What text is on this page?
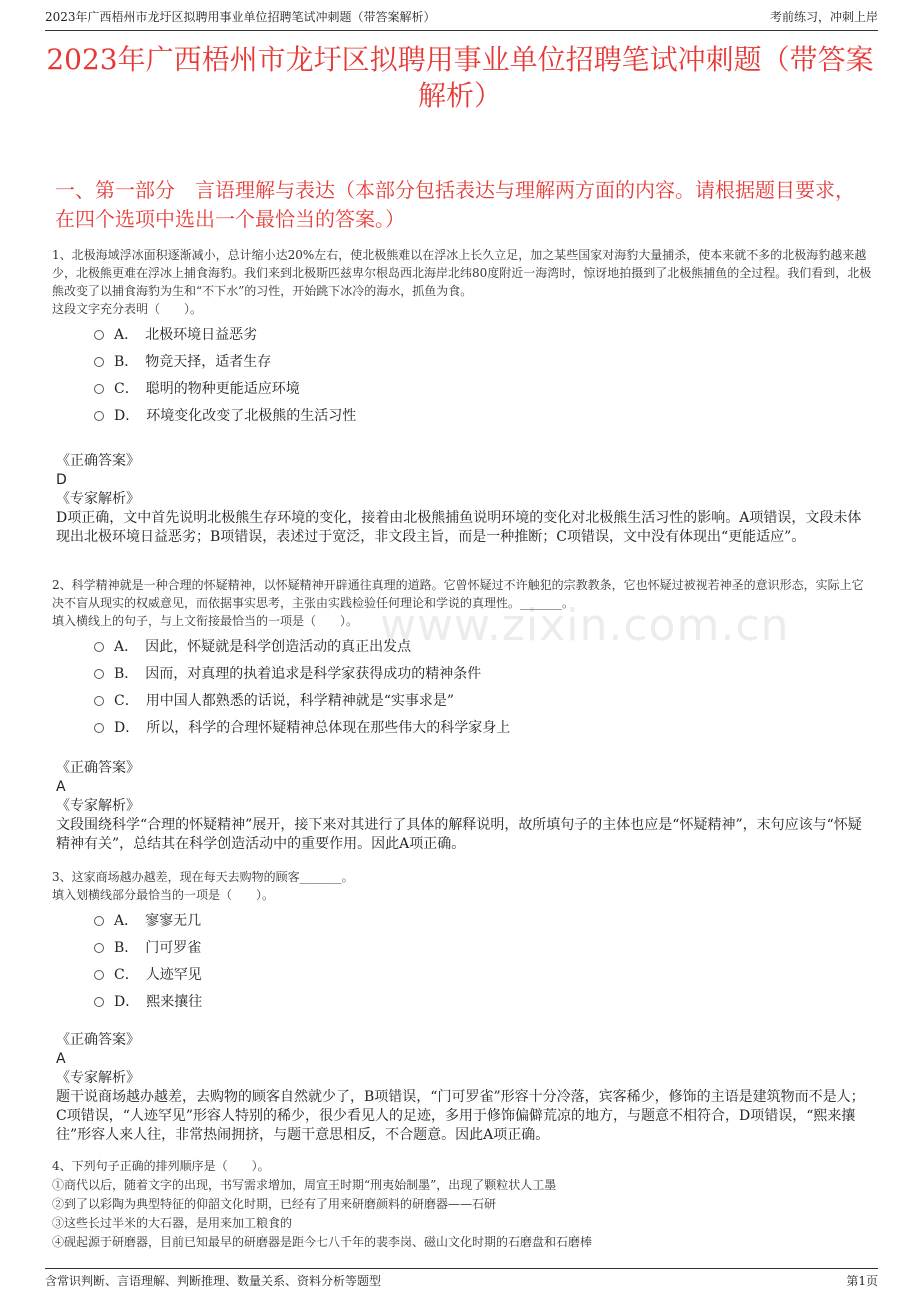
2023年广西梧州市龙圩区拟聘用事业单位招聘笔试冲刺题（带答案解析）	考前练习，冲刺上岸
2023年广西梧州市龙圩区拟聘用事业单位招聘笔试冲刺题（带答案解析）
一、第一部分　言语理解与表达（本部分包括表达与理解两方面的内容。请根据题目要求，在四个选项中选出一个最恰当的答案。）
www.zixin.com.cn
1、北极海域浮冰面积逐渐减小，总计缩小达20%左右，使北极熊难以在浮冰上长久立足，加之某些国家对海豹大量捕杀，使本来就不多的北极海豹越来越少，北极熊更难在浮冰上捕食海豹。我们来到北极斯匹兹卑尔根岛西北海岸北纬80度附近一海湾时，惊讶地拍摄到了北极熊捕鱼的全过程。我们看到，北极熊改变了以捕食海豹为生和“不下水”的习性，开始跳下冰冷的海水，抓鱼为食。
这段文字充分表明（　　）。
A．　北极环境日益恶劣
B．　物竞天择，适者生存
C．　聪明的物种更能适应环境
D．　环境变化改变了北极熊的生活习性
《正确答案》
D
《专家解析》
D项正确，文中首先说明北极熊生存环境的变化，接着由北极熊捕鱼说明环境的变化对北极熊生活习性的影响。A项错误，文段未体现出北极环境日益恶劣；B项错误，表述过于宽泛，非文段主旨，而是一种推断；C项错误，文中没有体现出“更能适应”。
2、科学精神就是一种合理的怀疑精神，以怀疑精神开辟通往真理的道路。它曾怀疑过不许触犯的宗教教条，它也怀疑过被视若神圣的意识形态，实际上它决不盲从现实的权威意见，而依据事实思考，主张由实践检验任何理论和学说的真理性。_______。
填入横线上的句子，与上文衔接最恰当的一项是（　　）。
A．　因此，怀疑就是科学创造活动的真正出发点
B．　因而，对真理的执着追求是科学家获得成功的精神条件
C．　用中国人都熟悉的话说，科学精神就是“实事求是”
D．　所以，科学的合理怀疑精神总体现在那些伟大的科学家身上
《正确答案》
A
《专家解析》
文段围绕科学“合理的怀疑精神”展开，接下来对其进行了具体的解释说明，故所填句子的主体也应是“怀疑精神”，末句应该与“怀疑精神有关”，总结其在科学创造活动中的重要作用。因此A项正确。
3、这家商场越办越差，现在每天去购物的顾客_______。
填入划横线部分最恰当的一项是（　　）。
A．　寥寥无几
B．　门可罗雀
C．　人迹罕见
D．　熙来攘往
《正确答案》
A
《专家解析》
题干说商场越办越差，去购物的顾客自然就少了，B项错误，“门可罗雀”形容十分冷落，宾客稀少，修饰的主语是建筑物而不是人；C项错误，“人迹罕见”形容人特别的稀少，很少看见人的足迹，多用于修饰偏僻荒凉的地方，与题意不相符合，D项错误，“熙来攘往”形容人来人往，非常热闹拥挤，与题干意思相反，不合题意。因此A项正确。
4、下列句子正确的排列顺序是（　　）。
①商代以后，随着文字的出现，书写需求增加，周宣王时期“刑夷始制墨”，出现了颗粒状人工墨
②到了以彩陶为典型特征的仰韶文化时期，已经有了用来研磨颜料的研磨器——石研
③这些长过半米的大石器，是用来加工粮食的
④砚起源于研磨器，目前已知最早的研磨器是距今七八千年的裴李岗、磁山文化时期的石磨盘和石磨棒
含常识判断、言语理解、判断推理、数量关系、资料分析等题型	第1页
